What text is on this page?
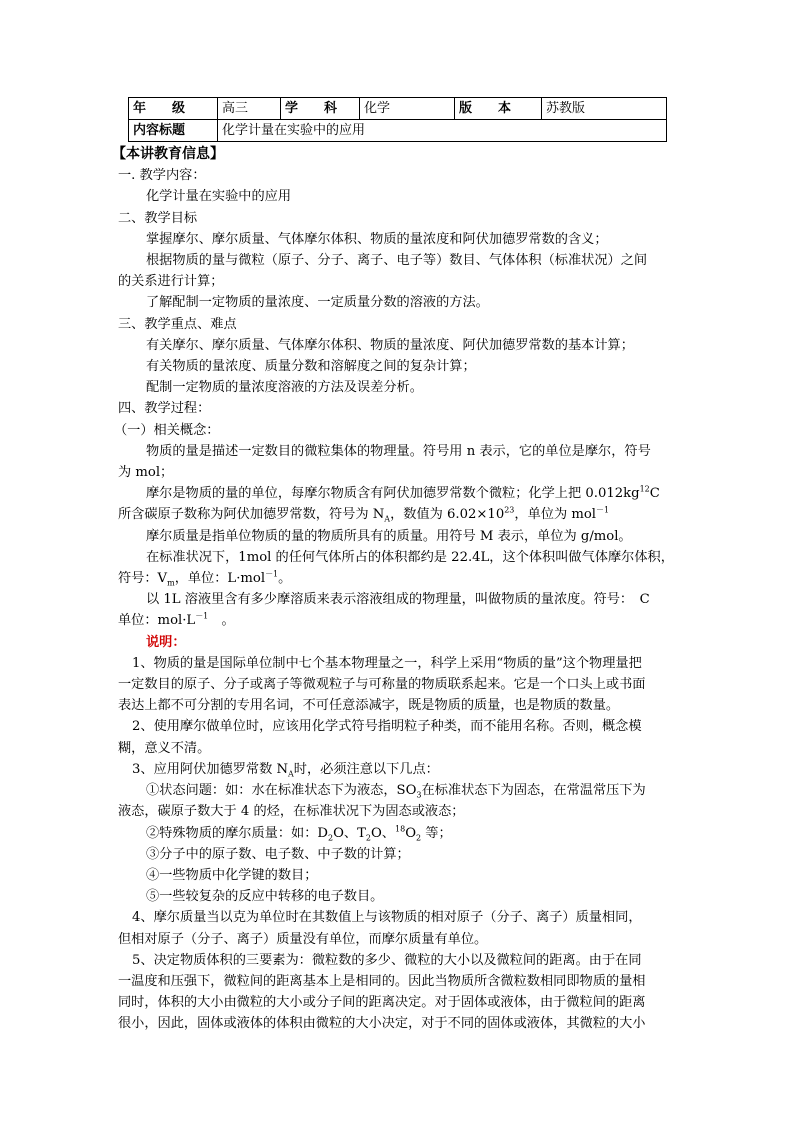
年　　级	高三	学　　科	化学	版　　本	苏教版
内容标题	化学计量在实验中的应用				

【本讲教育信息】

一. 教学内容：

化学计量在实验中的应用

二、教学目标

掌握摩尔、摩尔质量、气体摩尔体积、物质的量浓度和阿伏加德罗常数的含义；

根据物质的量与微粒（原子、分子、离子、电子等）数目、气体体积（标准状况）之间

的关系进行计算；

了解配制一定物质的量浓度、一定质量分数的溶液的方法。

三、教学重点、难点

有关摩尔、摩尔质量、气体摩尔体积、物质的量浓度、阿伏加德罗常数的基本计算；

有关物质的量浓度、质量分数和溶解度之间的复杂计算；

配制一定物质的量浓度溶液的方法及误差分析。

四、教学过程：

（一）相关概念：

物质的量是描述一定数目的微粒集体的物理量。符号用 n 表示，它的单位是摩尔，符号

为 mol；

摩尔是物质的量的单位，每摩尔物质含有阿伏加德罗常数个微粒；化学上把 $0.012kg^{12}C$

所含碳原子数称为阿伏加德罗常数，符号为 $N_A$，数值为 $6.02\times 10^{23}$，单位为 mol$^{-1}$

摩尔质量是指单位物质的量的物质所具有的质量。用符号 M 表示，单位为 g/mol。

在标准状况下，1mol 的任何气体所占的体积都约是 22.4L，这个体积叫做气体摩尔体积，

符号：$V_m$，单位：L·mol$^{-1}$。

以 1L 溶液里含有多少摩溶质来表示溶液组成的物理量，叫做物质的量浓度。符号：　C

单位：$mol\cdot L^{-1}$　。

说明：

1、物质的量是国际单位制中七个基本物理量之一，科学上采用“物质的量”这个物理量把

一定数目的原子、分子或离子等微观粒子与可称量的物质联系起来。它是一个口头上或书面

表达上都不可分割的专用名词，不可任意添减字，既是物质的质量，也是物质的数量。

2、使用摩尔做单位时，应该用化学式符号指明粒子种类，而不能用名称。否则，概念模

糊，意义不清。

3、应用阿伏加德罗常数 $N_A$时，必须注意以下几点：

①状态问题：如：水在标准状态下为液态，$SO_3$在标准状态下为固态，在常温常压下为

液态，碳原子数大于 4 的烃，在标准状况下为固态或液态；

②特殊物质的摩尔质量：如：$D_2O$、$T_2O$、$^{18}O_2$ 等；

③分子中的原子数、电子数、中子数的计算；

④一些物质中化学键的数目；

⑤一些较复杂的反应中转移的电子数目。

4、摩尔质量当以克为单位时在其数值上与该物质的相对原子（分子、离子）质量相同，

但相对原子（分子、离子）质量没有单位，而摩尔质量有单位。

5、决定物质体积的三要素为：微粒数的多少、微粒的大小以及微粒间的距离。由于在同

一温度和压强下，微粒间的距离基本上是相同的。因此当物质所含微粒数相同即物质的量相

同时，体积的大小由微粒的大小或分子间的距离决定。对于固体或液体，由于微粒间的距离

很小，因此，固体或液体的体积由微粒的大小决定，对于不同的固体或液体，其微粒的大小
